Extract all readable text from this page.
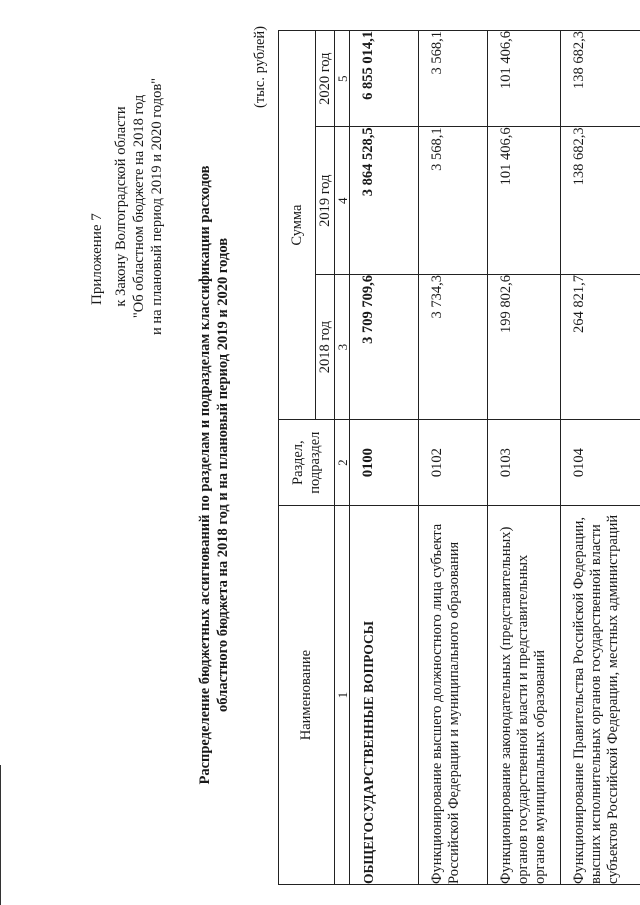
Приложение 7 к Закону Волгоградской области "Об областном бюджете на 2018 год и на плановый период 2019 и 2020 годов" Распределение бюджетных ассигнований по разделам и подразделам классификации расходов областного бюджета на 2018 год и на плановый период 2019 и 2020 годов
(тыс. рублей)
Наименование	Раздел, подраздел	Сумма		
		2018 год	2019 год	2020 год
1	2	3	4	5
ОБЩЕГОСУДАРСТВЕННЫЕ ВОПРОСЫ	0100	3 709 709,6	3 864 528,5	6 855 014,1
Функционирование высшего должностного лица субъекта Российской Федерации и муниципального образования	0102	3 734,3	3 568,1	3 568,1
Функционирование законодательных (представительных) органов государственной власти и представительных органов муниципальных образований	0103	199 802,6	101 406,6	101 406,6
Функционирование Правительства Российской Федерации, высших исполнительных органов государственной власти субъектов Российской Федерации, местных администраций	0104	264 821,7	138 682,3	138 682,3
